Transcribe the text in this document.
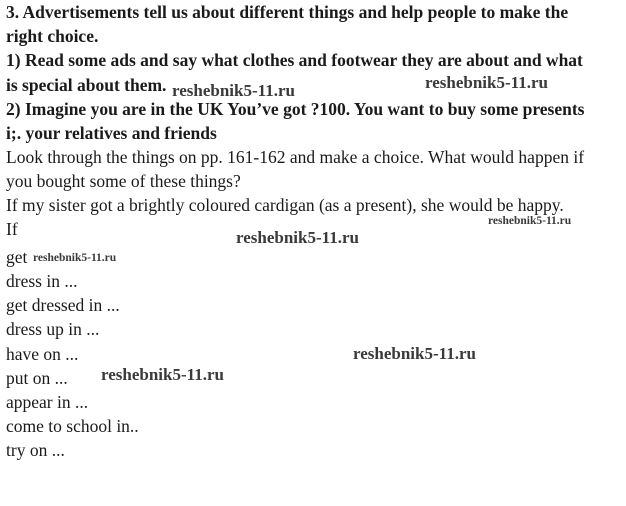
3. Advertisements tell us about different things and help people to make the
right choice.
1) Read some ads and say what clothes and footwear they are about and what
is special about them.
2) Imagine you are in the UK You’ve got ?100. You want to buy some presents
i;. your relatives and friends
Look through the things on pp. 161-162 and make a choice. What would happen if
you bought some of these things?
If my sister got a brightly coloured cardigan (as a present), she would be happy.
If
get
dress in ...
get dressed in ...
dress up in ...
have on ...
put on ...
appear in ...
come to school in..
try on ...
reshebnik5-11.ru	reshebnik5-11.ru
reshebnik5-11.ru
reshebnik5-11.ru
reshebnik5-11.ru
reshebnik5-11.ru
reshebnik5-11.ru
